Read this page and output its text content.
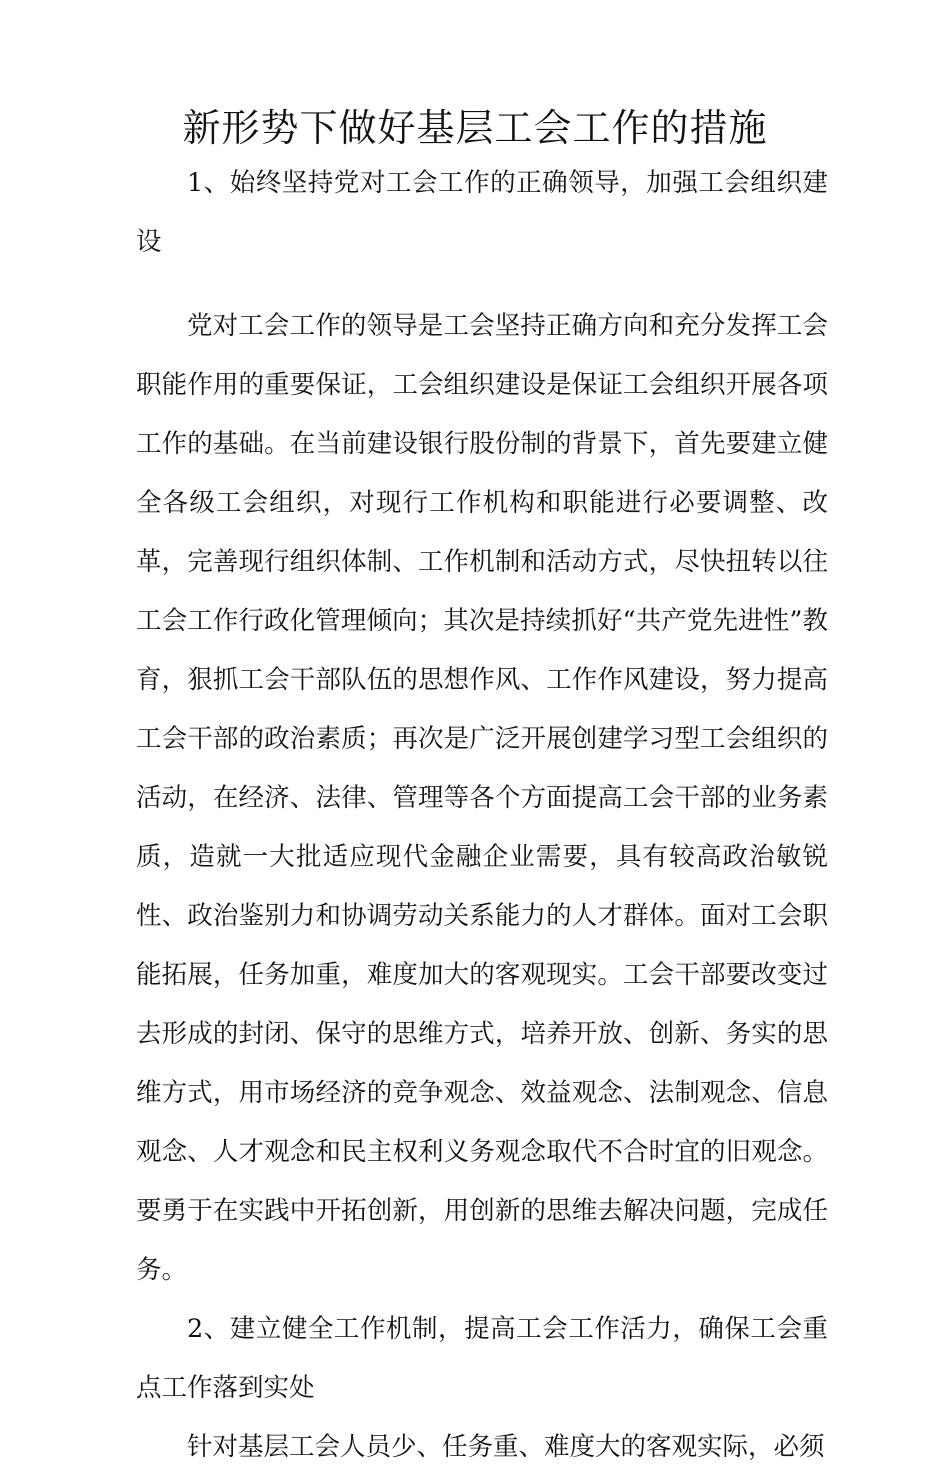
新形势下做好基层工会工作的措施

1、始终坚持党对工会工作的正确领导，加强工会组织建设

党对工会工作的领导是工会坚持正确方向和充分发挥工会职能作用的重要保证，工会组织建设是保证工会组织开展各项工作的基础。在当前建设银行股份制的背景下，首先要建立健全各级工会组织，对现行工作机构和职能进行必要调整、改革，完善现行组织体制、工作机制和活动方式，尽快扭转以往工会工作行政化管理倾向；其次是持续抓好“共产党先进性”教育，狠抓工会干部队伍的思想作风、工作作风建设，努力提高工会干部的政治素质；再次是广泛开展创建学习型工会组织的活动，在经济、法律、管理等各个方面提高工会干部的业务素质，造就一大批适应现代金融企业需要，具有较高政治敏锐性、政治鉴别力和协调劳动关系能力的人才群体。面对工会职能拓展，任务加重，难度加大的客观现实。工会干部要改变过去形成的封闭、保守的思维方式，培养开放、创新、务实的思维方式，用市场经济的竞争观念、效益观念、法制观念、信息观念、人才观念和民主权利义务观念取代不合时宜的旧观念。要勇于在实践中开拓创新，用创新的思维去解决问题，完成任务。

2、建立健全工作机制，提高工会工作活力，确保工会重点工作落到实处

针对基层工会人员少、任务重、难度大的客观实际，必须
